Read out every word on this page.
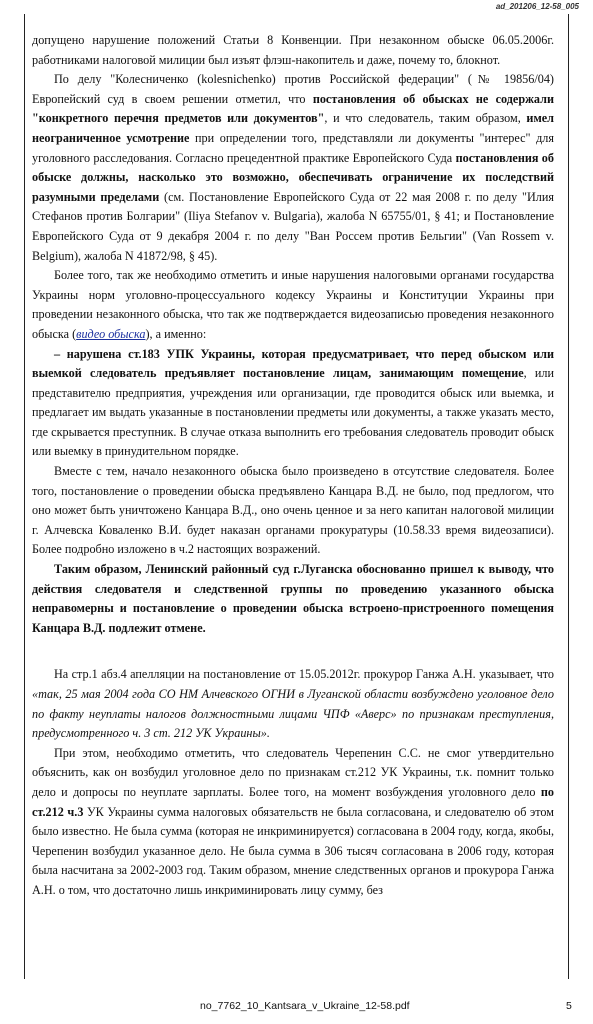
ad_201206_12-58_005

допущено нарушение положений Статьи 8 Конвенции. При незаконном обыске 06.05.2006г. работниками налоговой милиции был изъят флэш-накопитель и даже, почему то, блокнот.

По делу "Колесниченко (kolesnichenko) против Российской федерации" (№ 19856/04) Европейский суд в своем решении отметил, что постановления об обысках не содержали "конкретного перечня предметов или документов", и что следователь, таким образом, имел неограниченное усмотрение при определении того, представляли ли документы "интерес" для уголовного расследования. Согласно прецедентной практике Европейского Суда постановления об обыске должны, насколько это возможно, обеспечивать ограничение их последствий разумными пределами (см. Постановление Европейского Суда от 22 мая 2008 г. по делу "Илия Стефанов против Болгарии" (Iliya Stefanov v. Bulgaria), жалоба N 65755/01, § 41; и Постановление Европейского Суда от 9 декабря 2004 г. по делу "Ван Россем против Бельгии" (Van Rossem v. Belgium), жалоба N 41872/98, § 45).

Более того, так же необходимо отметить и иные нарушения налоговыми органами государства Украины норм уголовно-процессуального кодексу Украины и Конституции Украины при проведении незаконного обыска, что так же подтверждается видеозаписью проведения незаконного обыска (видео обыска), а именно:

– нарушена ст.183 УПК Украины, которая предусматривает, что перед обыском или выемкой следователь предъявляет постановление лицам, занимающим помещение, или представителю предприятия, учреждения или организации, где проводится обыск или выемка, и предлагает им выдать указанные в постановлении предметы или документы, а также указать место, где скрывается преступник. В случае отказа выполнить его требования следователь проводит обыск или выемку в принудительном порядке.

Вместе с тем, начало незаконного обыска было произведено в отсутствие следователя. Более того, постановление о проведении обыска предъявлено Канцара В.Д. не было, под предлогом, что оно может быть уничтожено Канцара В.Д., оно очень ценное и за него капитан налоговой милиции г. Алчевска Коваленко В.И. будет наказан органами прокуратуры (10.58.33 время видеозаписи). Более подробно изложено в ч.2 настоящих возражений.

Таким образом, Ленинский районный суд г.Луганска обоснованно пришел к выводу, что действия следователя и следственной группы по проведению указанного обыска неправомерны и постановление о проведении обыска встроено-пристроенного помещения Канцара В.Д. подлежит отмене.

На стр.1 абз.4 апелляции на постановление от 15.05.2012г. прокурор Ганжа А.Н. указывает, что «так, 25 мая 2004 года СО НМ Алчевского ОГНИ в Луганской области возбуждено уголовное дело по факту неуплаты налогов должностными лицами ЧПФ «Аверс» по признакам преступления, предусмотренного ч. 3 ст. 212 УК Украины».

При этом, необходимо отметить, что следователь Черепенин С.С. не смог утвердительно объяснить, как он возбудил уголовное дело по признакам ст.212 УК Украины, т.к. помнит только дело и допросы по неуплате зарплаты. Более того, на момент возбуждения уголовного дело по ст.212 ч.3 УК Украины сумма налоговых обязательств не была согласована, и следователю об этом было известно. Не была сумма (которая не инкриминируется) согласована в 2004 году, когда, якобы, Черепенин возбудил указанное дело. Не была сумма в 306 тысяч согласована в 2006 году, которая была насчитана за 2002-2003 год. Таким образом, мнение следственных органов и прокурора Ганжа А.Н. о том, что достаточно лишь инкриминировать лицу сумму, без

no_7762_10_Kantsara_v_Ukraine_12-58.pdf	5
